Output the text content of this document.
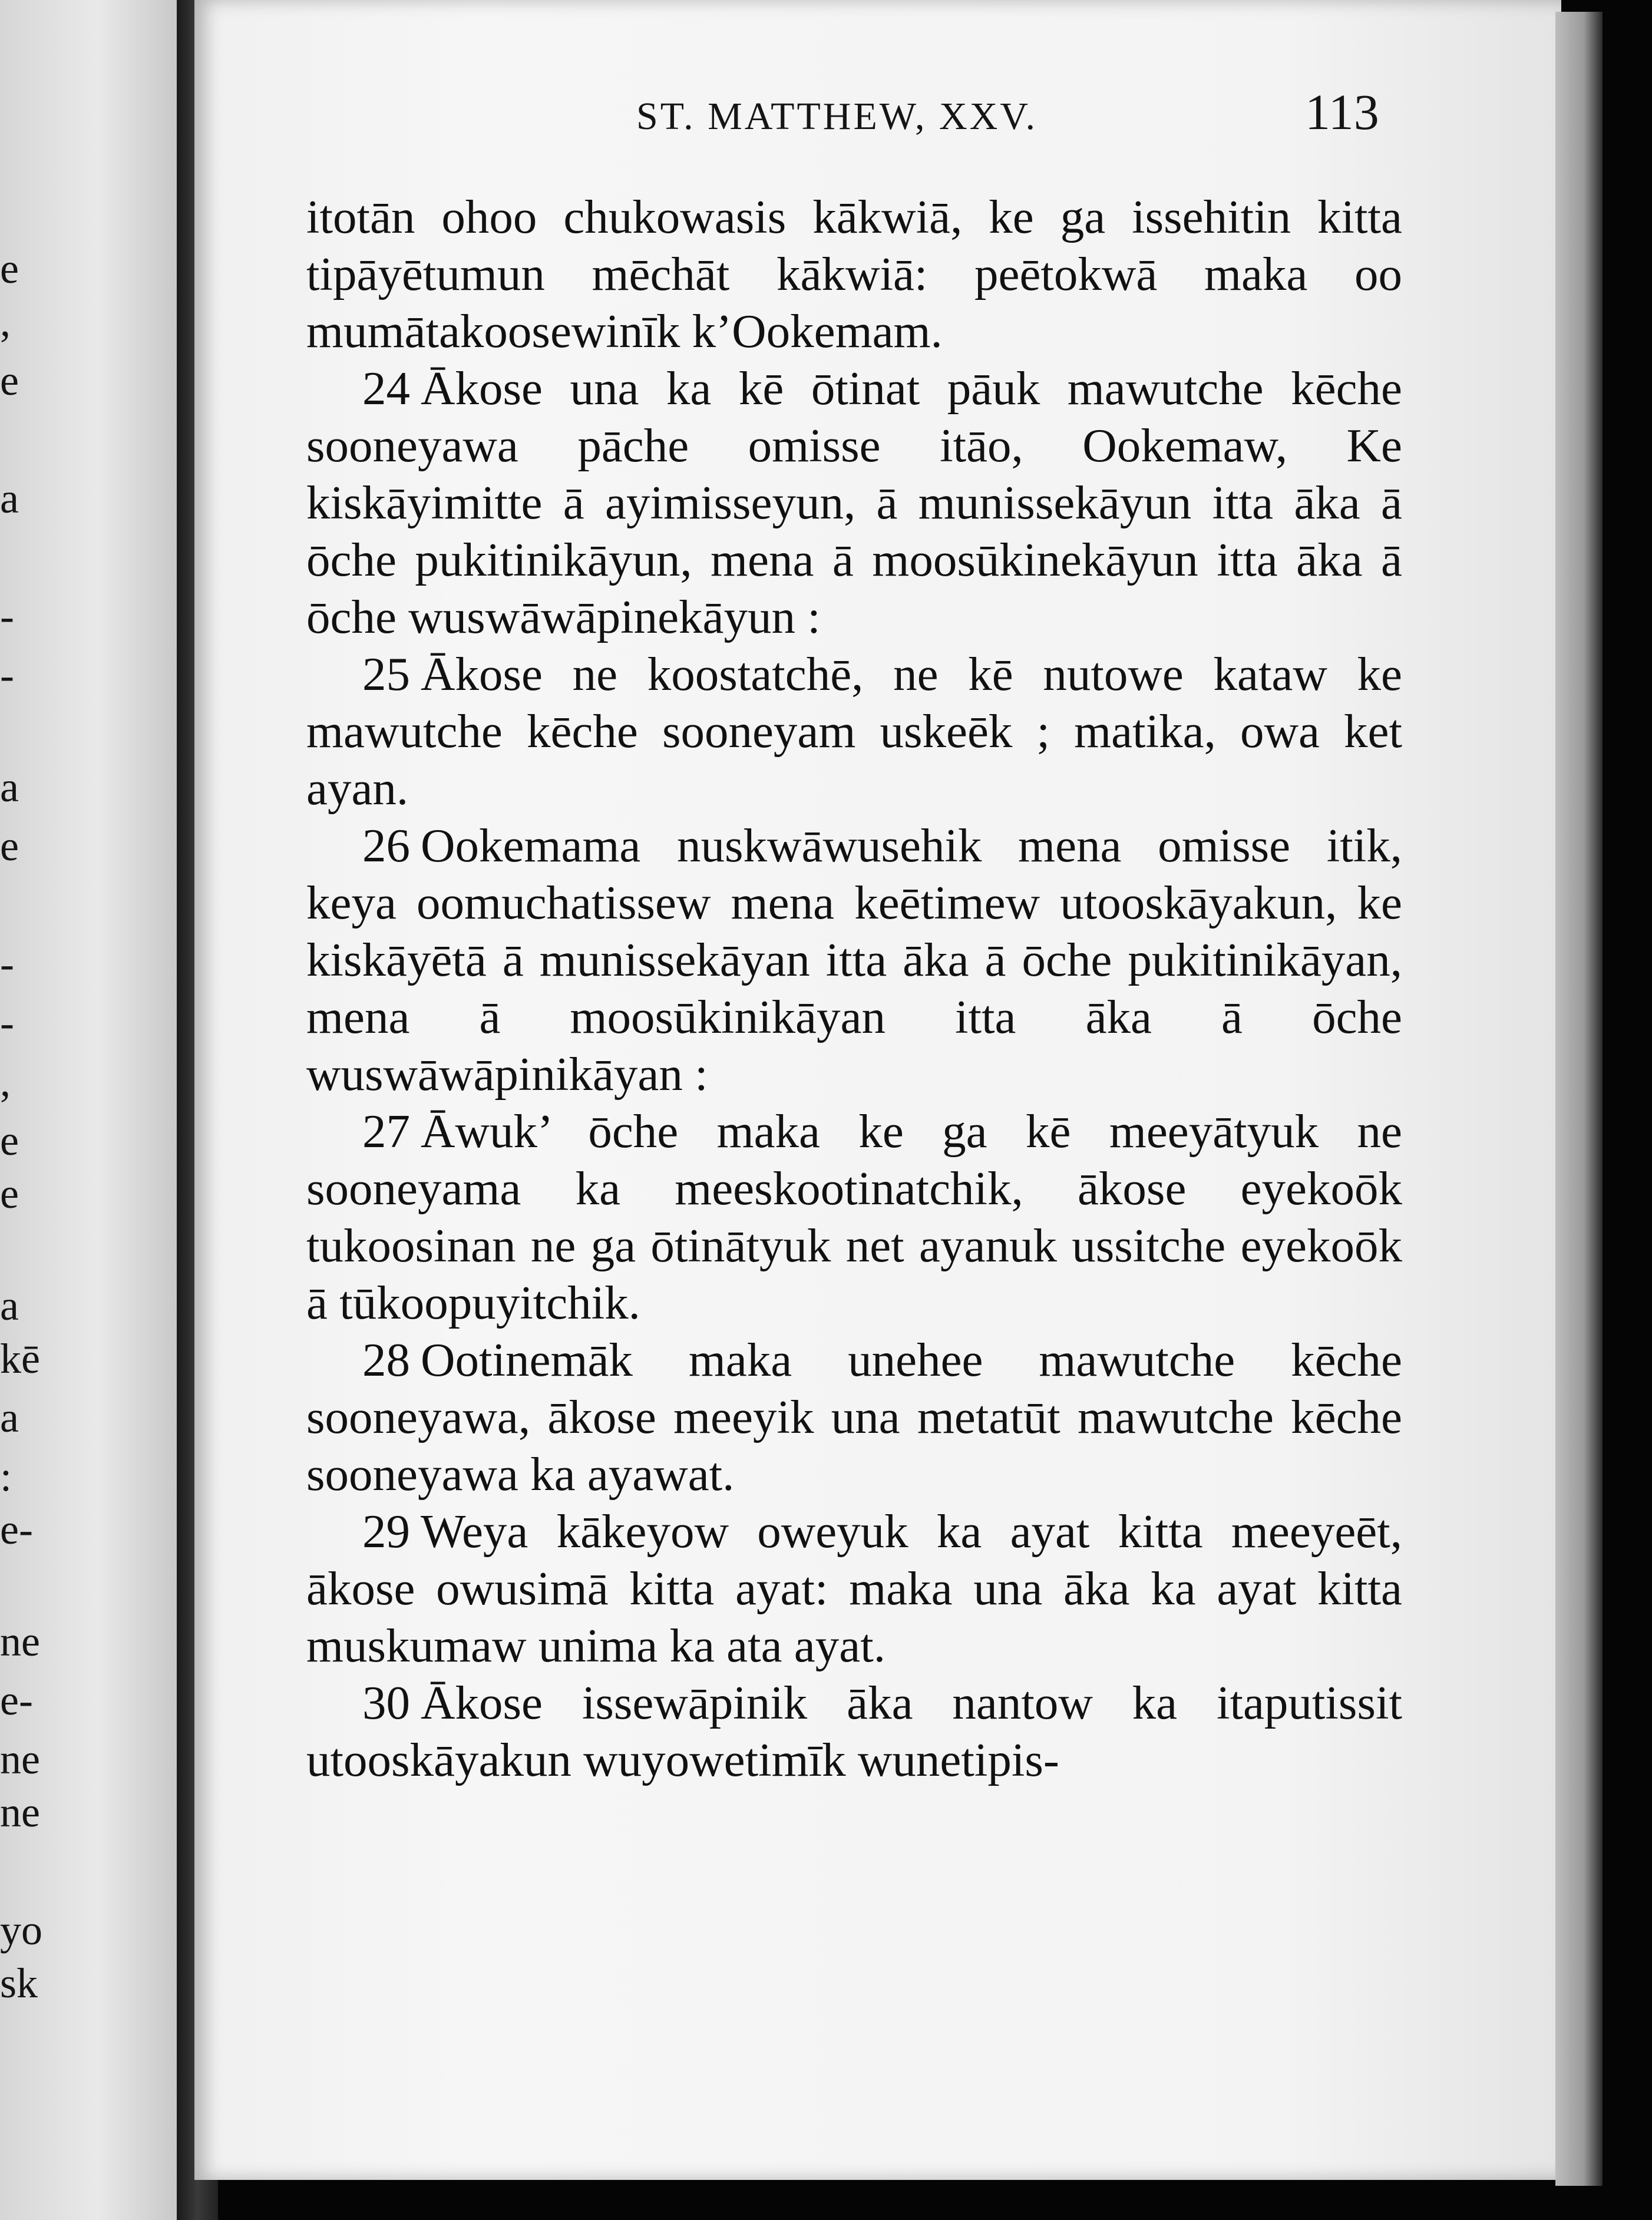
e
,
e
a
-
-
a
e
-
-
,
e
e
a
kē
a
:
e-
ne
e-
ne
ne
yo
sk
ST. MATTHEW, XXV.	113

itotān ohoo chukowasis kākwiā, ke ga issehitin kitta tipāyētumun mēchāt kākwiā: peētokwā maka oo mumātakoosewinīk k’Ookemam.

24 Ākose una ka kē ōtinat pāuk mawutche kēche sooneyawa pāche omisse itāo, Ookemaw, Ke kiskāyimitte ā ayimisseyun, ā munissekāyun itta āka ā ōche pukitinikāyun, mena ā moosūkinekāyun itta āka ā ōche wuswāwāpinekāyun :

25 Ākose ne koostatchē, ne kē nutowe kataw ke mawutche kēche sooneyam uskeēk ; matika, owa ket ayan.

26 Ookemama nuskwāwusehik mena omisse itik, keya oomuchatissew mena keētimew utooskāyakun, ke kiskāyētā ā munissekāyan itta āka ā ōche pukitinikāyan, mena ā moosūkinikāyan itta āka ā ōche wuswāwāpinikāyan :

27 Āwuk’ ōche maka ke ga kē meeyātyuk ne sooneyama ka meeskootinatchik, ākose eyekoōk tukoosinan ne ga ōtinātyuk net ayanuk ussitche eyekoōk ā tūkoopuyitchik.

28 Ootinemāk maka unehee mawutche kēche sooneyawa, ākose meeyik una metatūt mawutche kēche sooneyawa ka ayawat.

29 Weya kākeyow oweyuk ka ayat kitta meeyeēt, ākose owusimā kitta ayat: maka una āka ka ayat kitta muskumaw unima ka ata ayat.

30 Ākose issewāpinik āka nantow ka itaputissit utooskāyakun wuyowetimīk wunetipis-
